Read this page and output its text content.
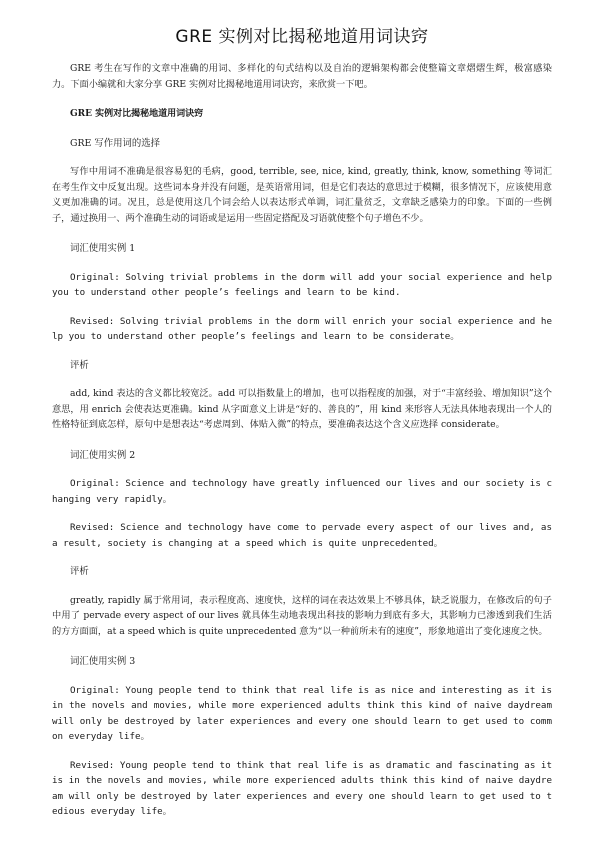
GRE 实例对比揭秘地道用词诀窍

GRE 考生在写作的文章中准确的用词、多样化的句式结构以及自治的逻辑架构都会使整篇文章熠熠生辉，极富感染力。下面小编就和大家分享 GRE 实例对比揭秘地道用词诀窍，来欣赏一下吧。

GRE 实例对比揭秘地道用词诀窍

GRE 写作用词的选择

写作中用词不准确是很容易犯的毛病，good, terrible, see, nice, kind, greatly, think, know, something 等词汇在考生作文中反复出现。这些词本身并没有问题，是英语常用词，但是它们表达的意思过于模糊，很多情况下，应该使用意义更加准确的词。况且，总是使用这几个词会给人以表达形式单调，词汇量贫乏，文章缺乏感染力的印象。下面的一些例子，通过换用一、两个准确生动的词语或是运用一些固定搭配及习语就使整个句子增色不少。

词汇使用实例 1

Original: Solving trivial problems in the dorm will add your social experience and help you to understand other people’s feelings and learn to be kind.

Revised: Solving trivial problems in the dorm will enrich your social experience and help you to understand other people’s feelings and learn to be considerate。

评析

add, kind 表达的含义都比较宽泛。add 可以指数量上的增加，也可以指程度的加强，对于“丰富经验、增加知识”这个意思，用 enrich 会使表达更准确。kind 从字面意义上讲是“好的、善良的”，用 kind 来形容人无法具体地表现出一个人的性格特征到底怎样，原句中是想表达“考虑周到、体贴入微”的特点，要准确表达这个含义应选择 considerate。

词汇使用实例 2

Original: Science and technology have greatly influenced our lives and our society is changing very rapidly。

Revised: Science and technology have come to pervade every aspect of our lives and, as a result, society is changing at a speed which is quite unprecedented。

评析

greatly, rapidly 属于常用词，表示程度高、速度快，这样的词在表达效果上不够具体，缺乏说服力，在修改后的句子中用了 pervade every aspect of our lives 就具体生动地表现出科技的影响力到底有多大，其影响力已渗透到我们生活的方方面面，at a speed which is quite unprecedented 意为“以一种前所未有的速度”，形象地道出了变化速度之快。

词汇使用实例 3

Original: Young people tend to think that real life is as nice and interesting as it is in the novels and movies, while more experienced adults think this kind of naive daydream will only be destroyed by later experiences and every one should learn to get used to common everyday life。

Revised: Young people tend to think that real life is as dramatic and fascinating as it is in the novels and movies, while more experienced adults think this kind of naive daydream will only be destroyed by later experiences and every one should learn to get used to tedious everyday life。
